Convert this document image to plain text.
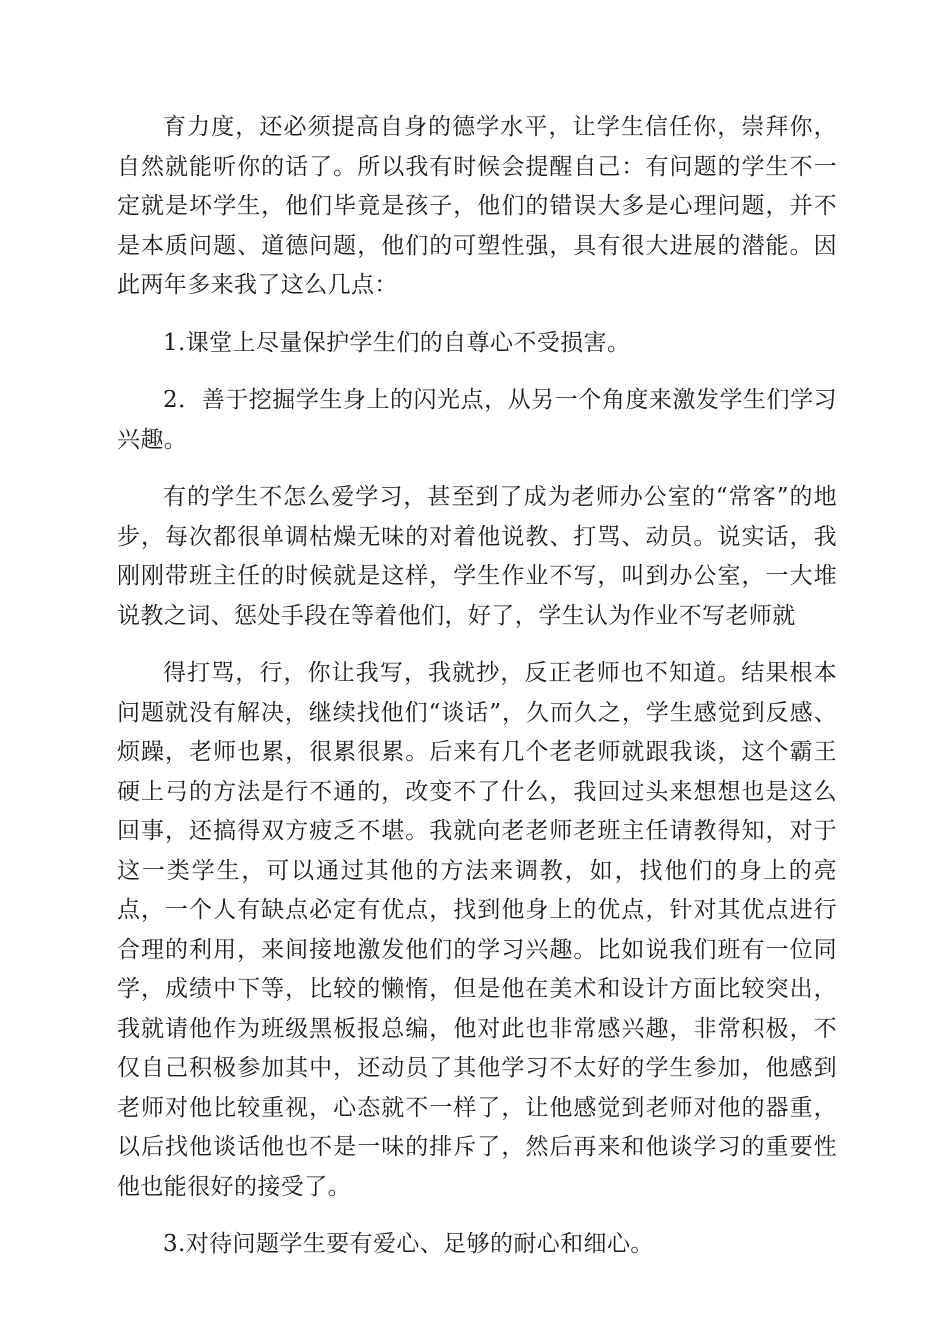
育力度，还必须提高自身的德学水平，让学生信任你，崇拜你，自然就能听你的话了。所以我有时候会提醒自己：有问题的学生不一定就是坏学生，他们毕竟是孩子，他们的错误大多是心理问题，并不是本质问题、道德问题，他们的可塑性强，具有很大进展的潜能。因此两年多来我了这么几点：

1.课堂上尽量保护学生们的自尊心不受损害。

2．善于挖掘学生身上的闪光点，从另一个角度来激发学生们学习兴趣。

有的学生不怎么爱学习，甚至到了成为老师办公室的“常客”的地步，每次都很单调枯燥无味的对着他说教、打骂、动员。说实话，我刚刚带班主任的时候就是这样，学生作业不写，叫到办公室，一大堆说教之词、惩处手段在等着他们，好了，学生认为作业不写老师就

得打骂，行，你让我写，我就抄，反正老师也不知道。结果根本问题就没有解决，继续找他们“谈话”，久而久之，学生感觉到反感、烦躁，老师也累，很累很累。后来有几个老老师就跟我谈，这个霸王硬上弓的方法是行不通的，改变不了什么，我回过头来想想也是这么回事，还搞得双方疲乏不堪。我就向老老师老班主任请教得知，对于这一类学生，可以通过其他的方法来调教，如，找他们的身上的亮点，一个人有缺点必定有优点，找到他身上的优点，针对其优点进行合理的利用，来间接地激发他们的学习兴趣。比如说我们班有一位同学，成绩中下等，比较的懒惰，但是他在美术和设计方面比较突出，我就请他作为班级黑板报总编，他对此也非常感兴趣，非常积极，不仅自己积极参加其中，还动员了其他学习不太好的学生参加，他感到老师对他比较重视，心态就不一样了，让他感觉到老师对他的器重，以后找他谈话他也不是一味的排斥了，然后再来和他谈学习的重要性他也能很好的接受了。

3.对待问题学生要有爱心、足够的耐心和细心。
